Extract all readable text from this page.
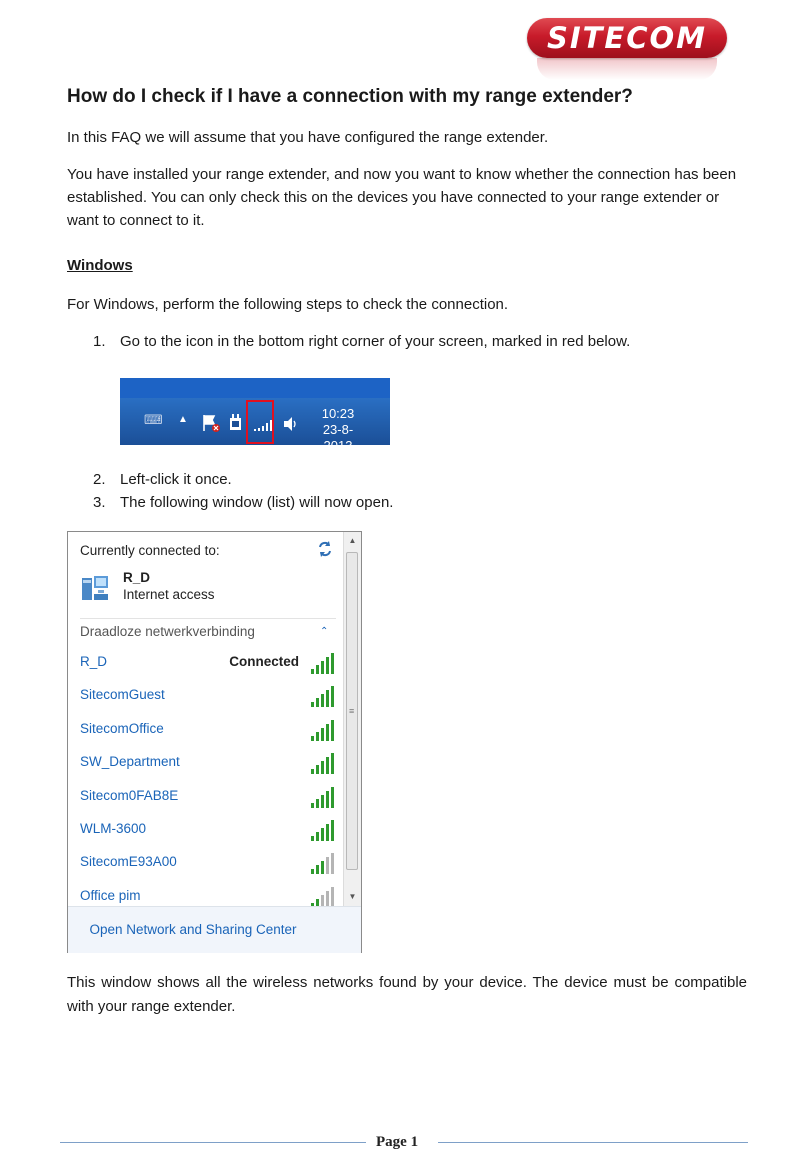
SITECOM
How do I check if I have a connection with my range extender?
In this FAQ we will assume that you have configured the range extender.
You have installed your range extender, and now you want to know whether the connection has been established. You can only check this on the devices you have connected to your range extender or want to connect to it.
Windows
For Windows, perform the following steps to check the connection.
1. Go to the icon in the bottom right corner of your screen, marked in red below.
⌨ ▲	10:23
23-8-2013
2. Left-click it once.
3. The following window (list) will now open.
Currently connected to:
R_D
Internet access
Draadloze netwerkverbinding	⌃
R_D	Connected
SitecomGuest
SitecomOffice
SW_Department
Sitecom0FAB8E
WLM-3600
SitecomE93A00
Office pim
▲
≡
▼
Open Network and Sharing Center
This window shows all the wireless networks found by your device. The device must be compatible with your range extender.
Page 1
